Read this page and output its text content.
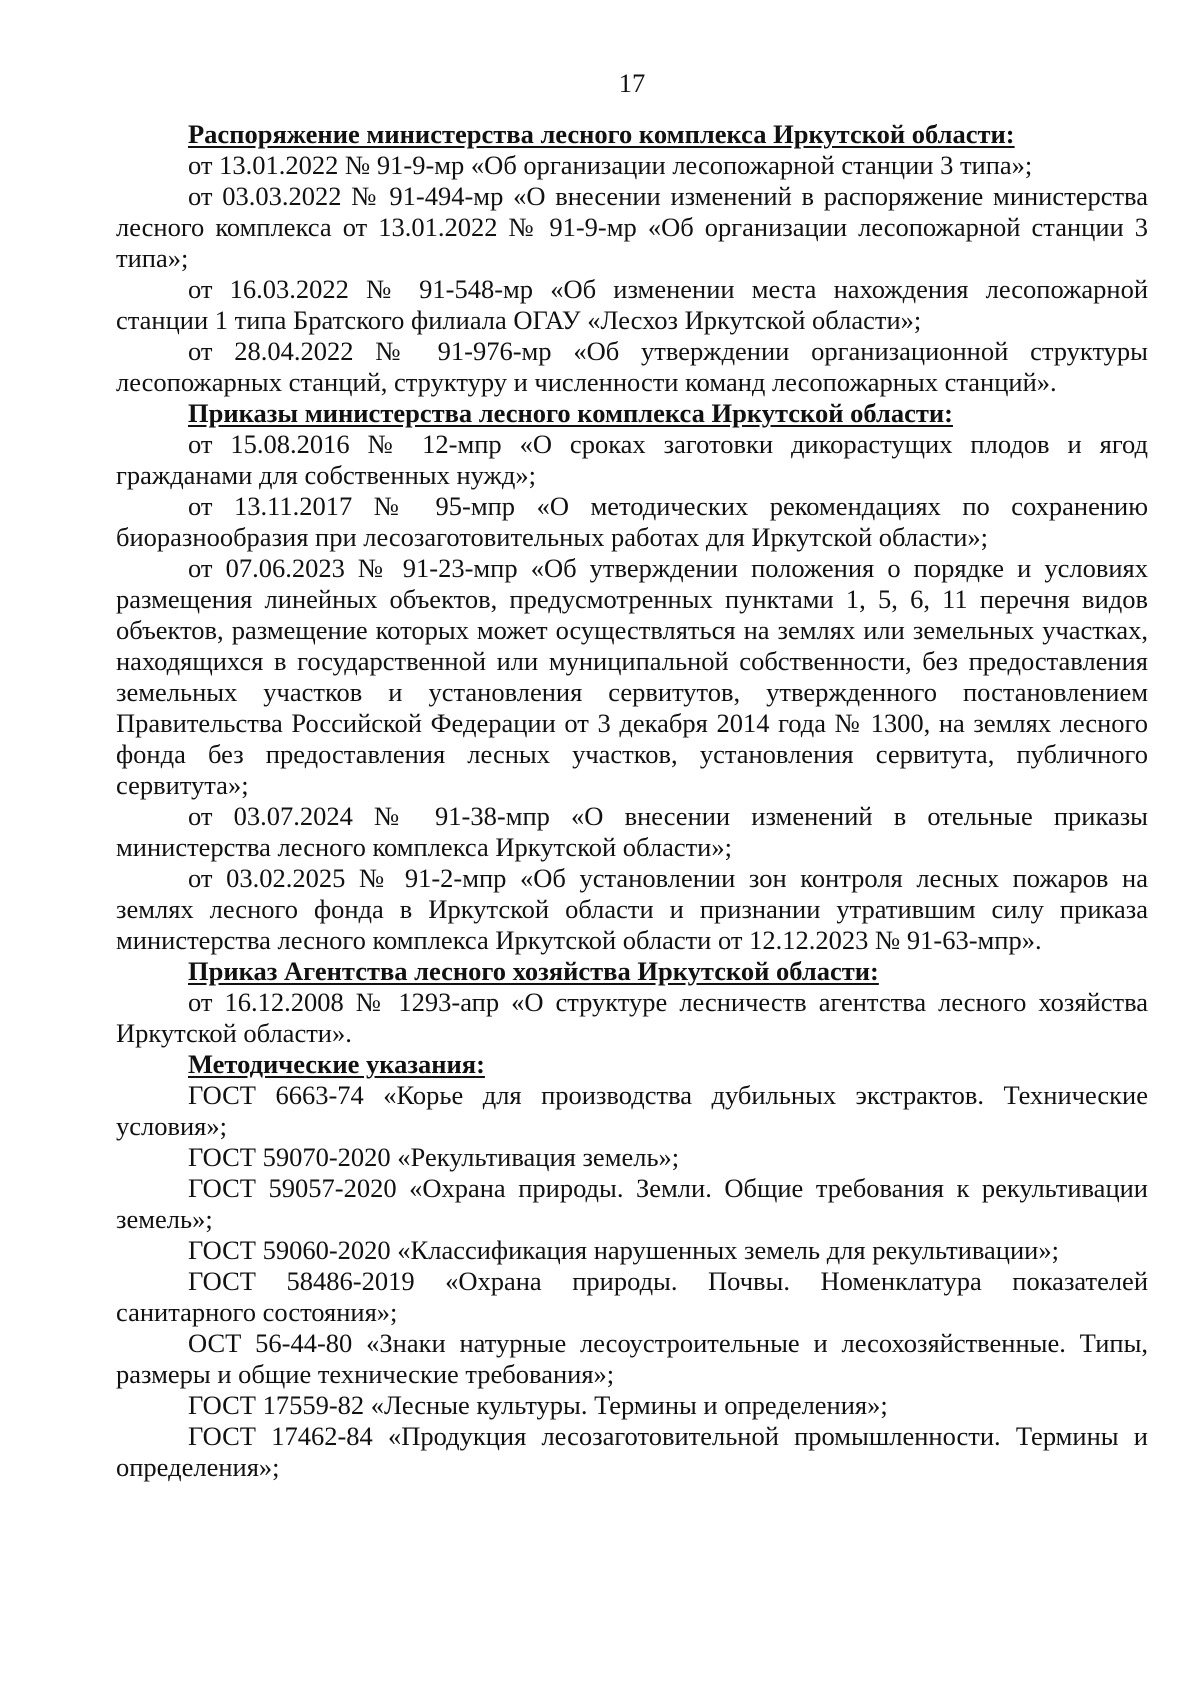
17

Распоряжение министерства лесного комплекса Иркутской области:

от 13.01.2022 № 91-9-мр «Об организации лесопожарной станции 3 типа»;

от 03.03.2022 № 91-494-мр «О внесении изменений в распоряжение министерства лесного комплекса от 13.01.2022 № 91-9-мр «Об организации лесопожарной станции 3 типа»;

от 16.03.2022 № 91-548-мр «Об изменении места нахождения лесопожарной станции 1 типа Братского филиала ОГАУ «Лесхоз Иркутской области»;

от 28.04.2022 № 91-976-мр «Об утверждении организационной структуры лесопожарных станций, структуру и численности команд лесопожарных станций».

Приказы министерства лесного комплекса Иркутской области:

от 15.08.2016 № 12-мпр «О сроках заготовки дикорастущих плодов и ягод гражданами для собственных нужд»;

от 13.11.2017 № 95-мпр «О методических рекомендациях по сохранению биоразнообразия при лесозаготовительных работах для Иркутской области»;

от 07.06.2023 № 91-23-мпр «Об утверждении положения о порядке и условиях размещения линейных объектов, предусмотренных пунктами 1, 5, 6, 11 перечня видов объектов, размещение которых может осуществляться на землях или земельных участках, находящихся в государственной или муниципальной собственности, без предоставления земельных участков и установления сервитутов, утвержденного постановлением Правительства Российской Федерации от 3 декабря 2014 года № 1300, на землях лесного фонда без предоставления лесных участков, установления сервитута, публичного сервитута»;

от 03.07.2024 № 91-38-мпр «О внесении изменений в отельные приказы министерства лесного комплекса Иркутской области»;

от 03.02.2025 № 91-2-мпр «Об установлении зон контроля лесных пожаров на землях лесного фонда в Иркутской области и признании утратившим силу приказа министерства лесного комплекса Иркутской области от 12.12.2023 № 91-63-мпр».

Приказ Агентства лесного хозяйства Иркутской области:

от 16.12.2008 № 1293-апр «О структуре лесничеств агентства лесного хозяйства Иркутской области».

Методические указания:

ГОСТ 6663-74 «Корье для производства дубильных экстрактов. Технические условия»;

ГОСТ 59070-2020 «Рекультивация земель»;

ГОСТ 59057-2020 «Охрана природы. Земли. Общие требования к рекультивации земель»;

ГОСТ 59060-2020 «Классификация нарушенных земель для рекультивации»;

ГОСТ 58486-2019 «Охрана природы. Почвы. Номенклатура показателей санитарного состояния»;

ОСТ 56-44-80 «Знаки натурные лесоустроительные и лесохозяйственные. Типы, размеры и общие технические требования»;

ГОСТ 17559-82 «Лесные культуры. Термины и определения»;

ГОСТ 17462-84 «Продукция лесозаготовительной промышленности. Термины и определения»;
